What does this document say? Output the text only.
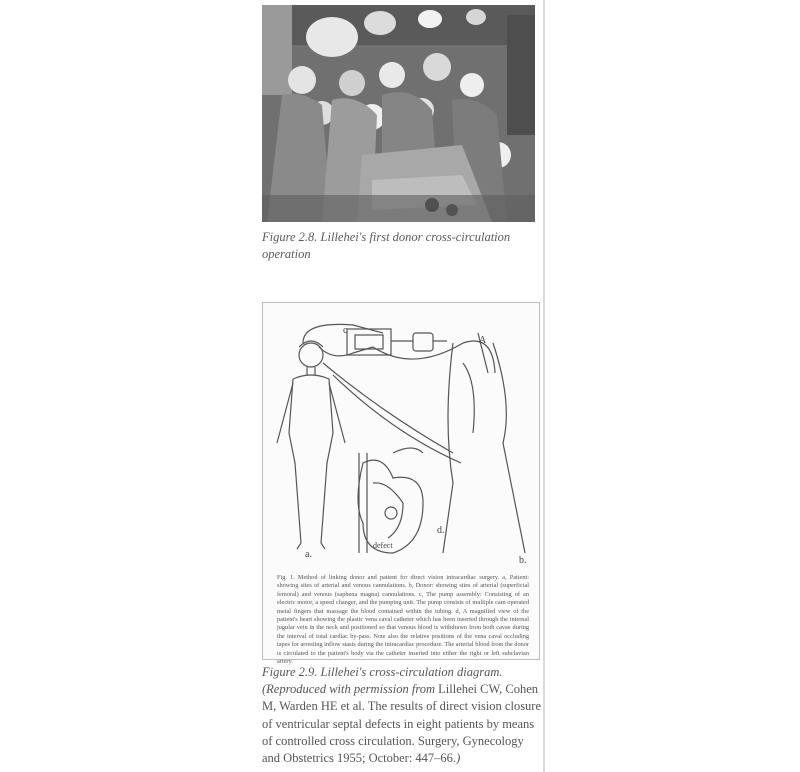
Figure 2.8. Lillehei's first donor cross-circulation operation
c
A
defect
d.
a.
b.
Fig. 1. Method of linking donor and patient for direct vision intracardiac surgery. a, Patient: showing sites of arterial and venous cannulations. b, Donor: showing sites of arterial (superficial femoral) and venous (saphena magna) cannulations. c, The pump assembly: Consisting of an electric motor, a speed changer, and the pumping unit. The pump consists of multiple cam operated metal fingers that massage the blood contained within the tubing. d, A magnified view of the patient's heart showing the plastic vena caval catheter which has been inserted through the internal jugular vein in the neck and positioned so that venous blood is withdrawn from both cavae during the interval of total cardiac by-pass. Note also the relative positions of the vena caval occluding tapes for arresting inflow stasis during the intracardiac procedure. The arterial blood from the donor is circulated to the patient's body via the catheter inserted into either the right or left subclavian artery.
Figure 2.9. Lillehei's cross-circulation diagram. (Reproduced with permission from Lillehei CW, Cohen M, Warden HE et al. The results of direct vision closure of ventricular septal defects in eight patients by means of controlled cross circulation. Surgery, Gynecology and Obstetrics 1955; October: 447–66.)
